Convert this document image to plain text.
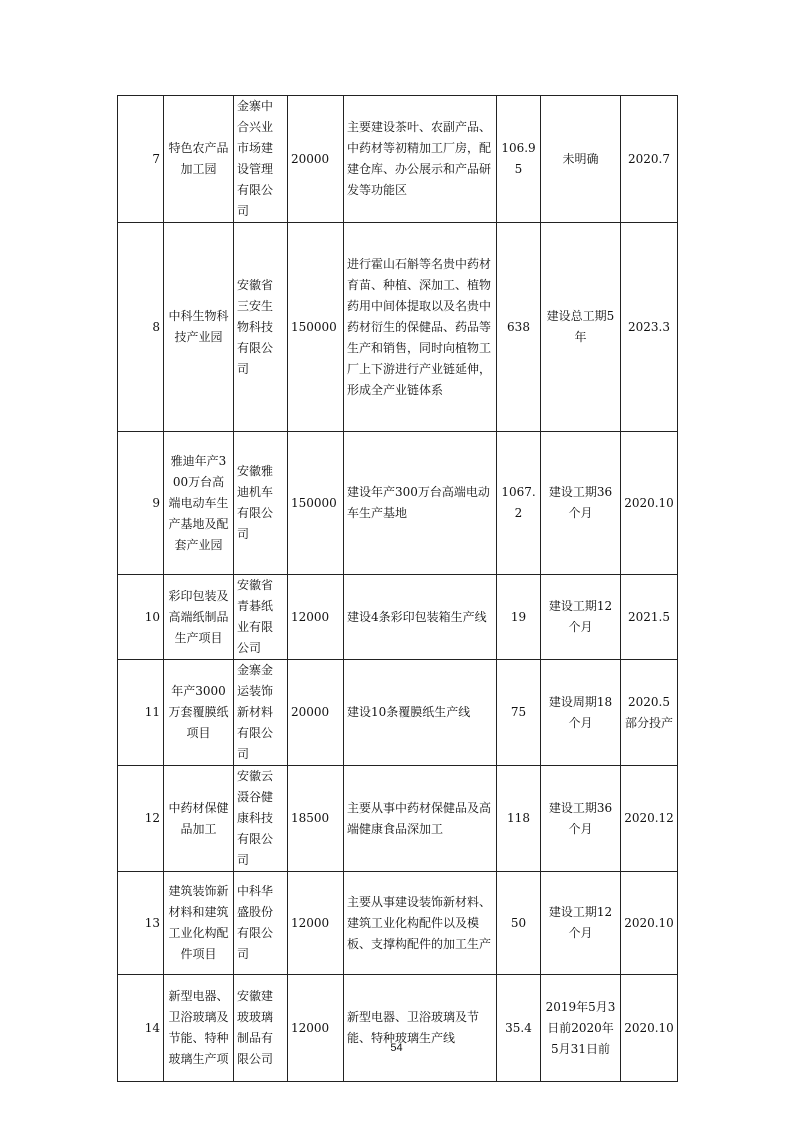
7	特色农产品加工园	金寨中合兴业市场建设管理有限公司	20000	主要建设茶叶、农副产品、中药材等初精加工厂房，配建仓库、办公展示和产品研发等功能区	106.95	未明确	2020.7
8	中科生物科技产业园	安徽省三安生物科技有限公司	150000	进行霍山石斛等名贵中药材育苗、种植、深加工、植物药用中间体提取以及名贵中药材衍生的保健品、药品等生产和销售，同时向植物工厂上下游进行产业链延伸，形成全产业链体系	638	建设总工期5年	2023.3
9	雅迪年产300万台高端电动车生产基地及配套产业园	安徽雅迪机车有限公司	150000	建设年产300万台高端电动车生产基地	1067.2	建设工期36个月	2020.10
10	彩印包装及高端纸制品生产项目	安徽省青碁纸业有限公司	12000	建设4条彩印包装箱生产线	19	建设工期12个月	2021.5
11	年产3000万套覆膜纸项目	金寨金运装饰新材料有限公司	20000	建设10条覆膜纸生产线	75	建设周期18个月	2020.5部分投产
12	中药材保健品加工	安徽云滠谷健康科技有限公司	18500	主要从事中药材保健品及高端健康食品深加工	118	建设工期36个月	2020.12
13	建筑装饰新材料和建筑工业化构配件项目	中科华盛股份有限公司	12000	主要从事建设装饰新材料、建筑工业化构配件以及模板、支撑构配件的加工生产	50	建设工期12个月	2020.10
14	新型电器、卫浴玻璃及节能、特种玻璃生产项	安徽建玻玻璃制品有限公司	12000	新型电器、卫浴玻璃及节能、特种玻璃生产线	35.4	2019年5月3日前2020年5月31日前	2020.10
54
